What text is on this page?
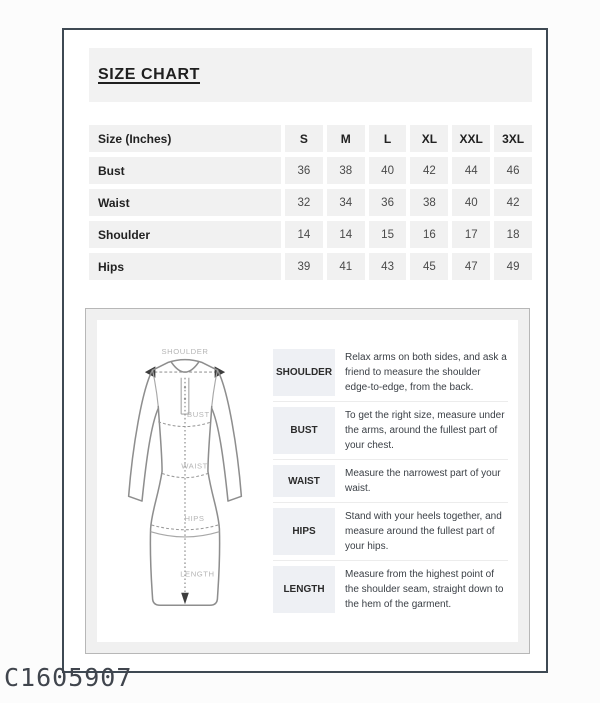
SIZE CHART
Size (Inches)	S	M	L	XL	XXL	3XL
Bust	36	38	40	42	44	46
Waist	32	34	36	38	40	42
Shoulder	14	14	15	16	17	18
Hips	39	41	43	45	47	49
SHOULDER
BUST
WAIST
HIPS
LENGTH
SHOULDER
Relax arms on both sides, and ask a friend to measure the shoulder edge-to-edge, from the back.
BUST
To get the right size, measure under the arms, around the fullest part of your chest.
WAIST
Measure the narrowest part of your waist.
HIPS
Stand with your heels together, and measure around the fullest part of your hips.
LENGTH
Measure from the highest point of the shoulder seam, straight down to the hem of the garment.
C1605907
